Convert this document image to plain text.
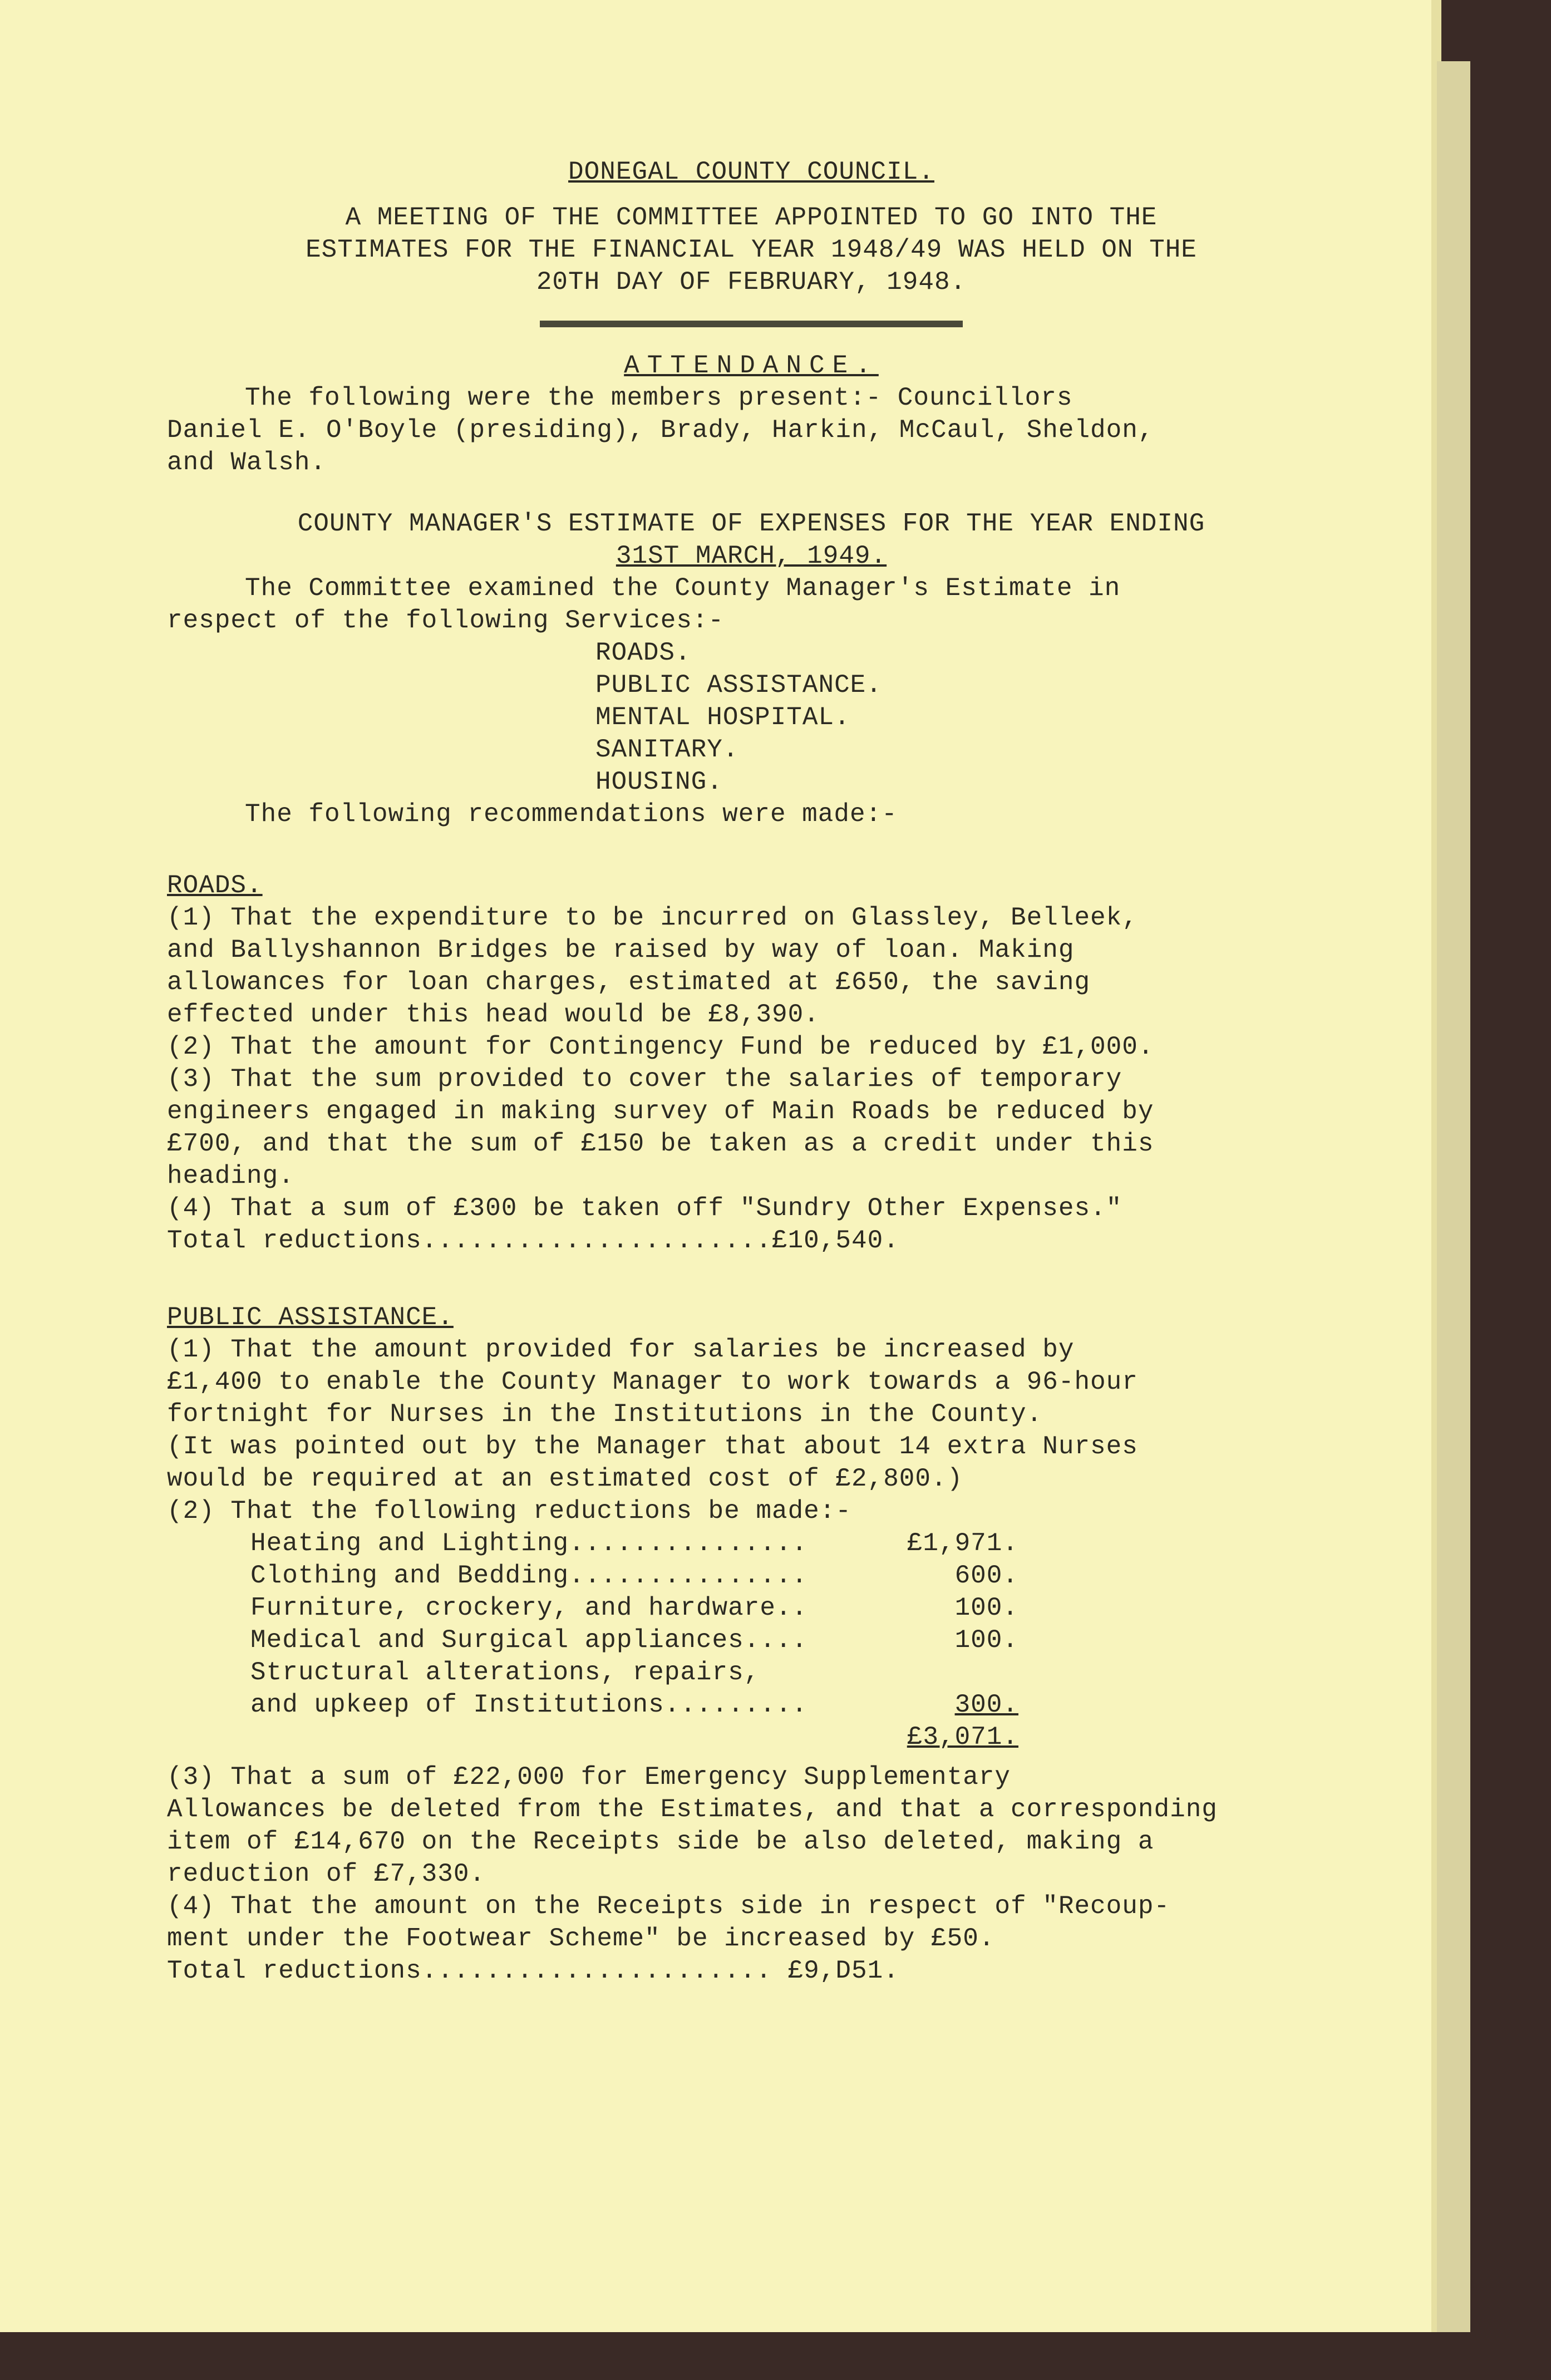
DONEGAL COUNTY COUNCIL.

A MEETING OF THE COMMITTEE APPOINTED TO GO INTO THE

ESTIMATES FOR THE FINANCIAL YEAR 1948/49 WAS HELD ON THE

20TH DAY OF FEBRUARY, 1948.

ATTENDANCE.

The following were the members present:- Councillors

Daniel E. O'Boyle (presiding), Brady, Harkin, McCaul, Sheldon,

and Walsh.

COUNTY MANAGER'S ESTIMATE OF EXPENSES FOR THE YEAR ENDING

31ST MARCH, 1949.

The Committee examined the County Manager's Estimate in

respect of the following Services:-

ROADS.

PUBLIC ASSISTANCE.

MENTAL HOSPITAL.

SANITARY.

HOUSING.

The following recommendations were made:-

ROADS.

(1) That the expenditure to be incurred on Glassley, Belleek,

and Ballyshannon Bridges be raised by way of loan. Making

allowances for loan charges, estimated at £650, the saving

effected under this head would be £8,390.

(2) That the amount for Contingency Fund be reduced by £1,000.

(3) That the sum provided to cover the salaries of temporary

engineers engaged in making survey of Main Roads be reduced by

£700, and that the sum of £150 be taken as a credit under this

heading.

(4) That a sum of £300 be taken off "Sundry Other Expenses."

Total reductions......................£10,540.

PUBLIC ASSISTANCE.

(1) That the amount provided for salaries be increased by

£1,400 to enable the County Manager to work towards a 96-hour

fortnight for Nurses in the Institutions in the County.

(It was pointed out by the Manager that about 14 extra Nurses

would be required at an estimated cost of £2,800.)

(2) That the following reductions be made:-

Heating and Lighting...............	£1,971.
Clothing and Bedding...............	600.
Furniture, crockery, and hardware..	100.
Medical and Surgical appliances....	100.
Structural alterations, repairs,
and upkeep of Institutions.........	300.
£3,071.

(3) That a sum of £22,000 for Emergency Supplementary

Allowances be deleted from the Estimates, and that a corresponding

item of £14,670 on the Receipts side be also deleted, making a

reduction of £7,330.

(4) That the amount on the Receipts side in respect of "Recoup-

ment under the Footwear Scheme" be increased by £50.

Total reductions...................... £9,D51.
